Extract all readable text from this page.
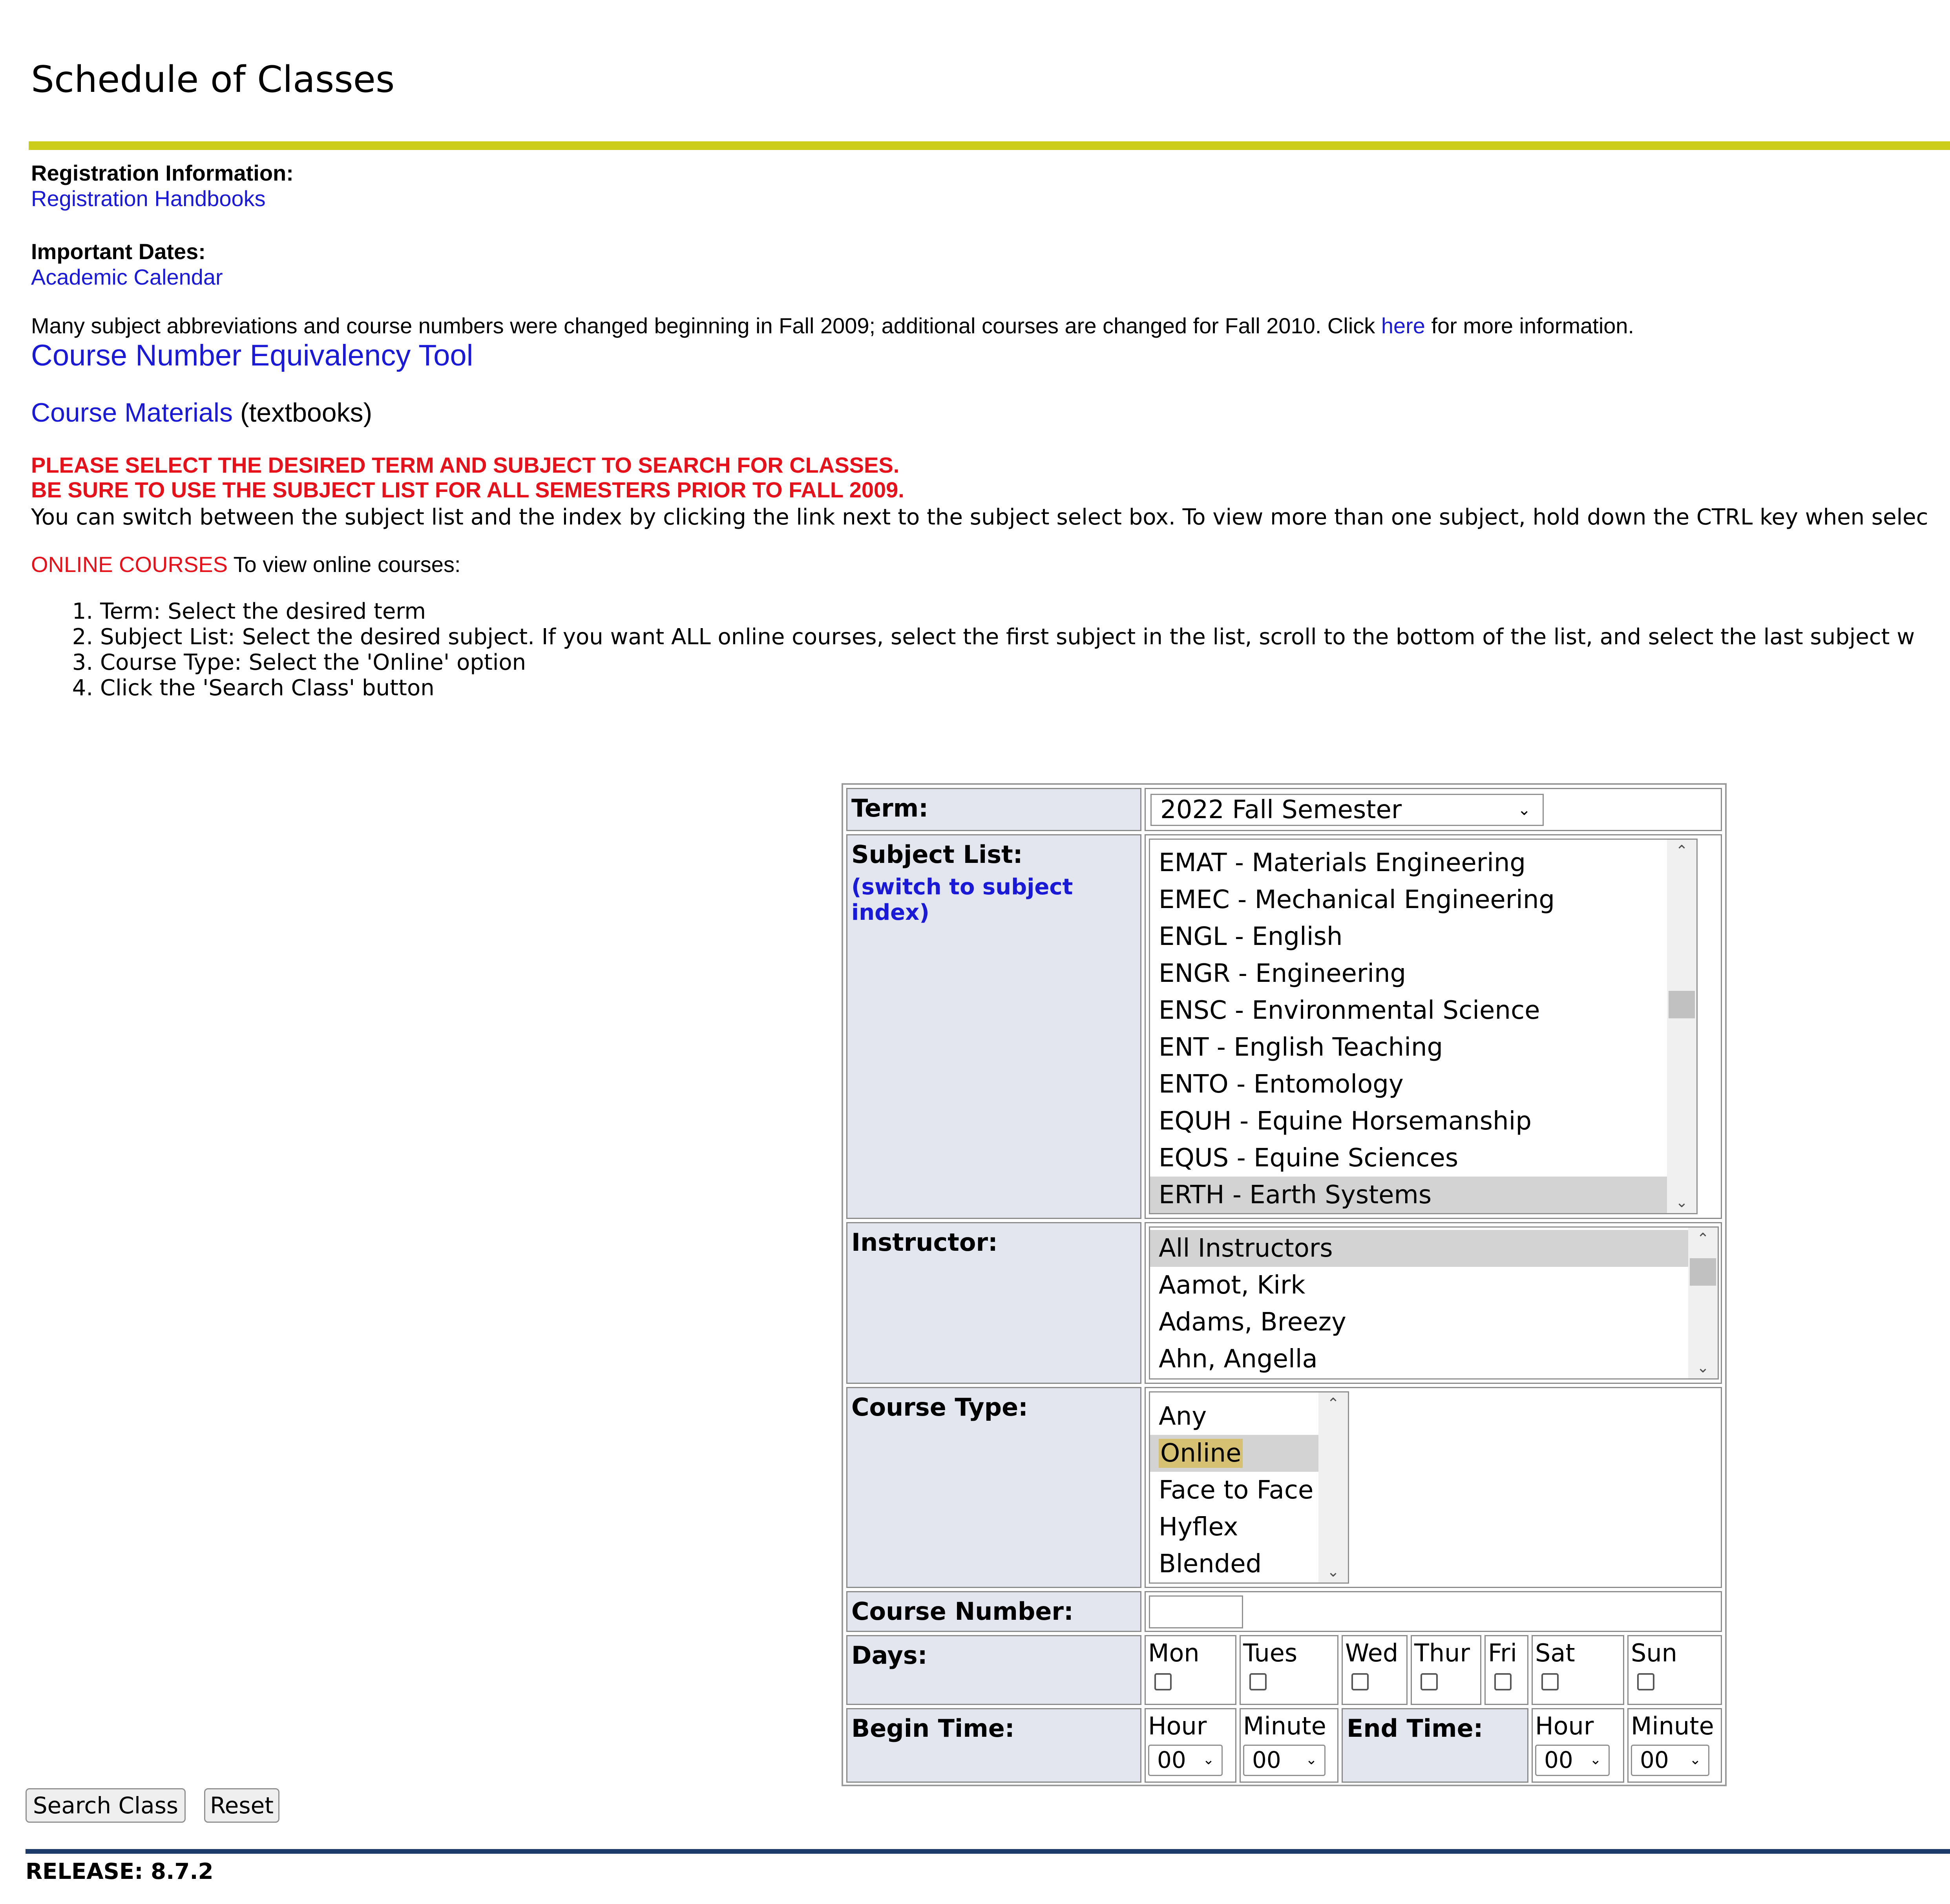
Schedule of Classes
Registration Information:
Registration Handbooks
Important Dates:
Academic Calendar
Many subject abbreviations and course numbers were changed beginning in Fall 2009; additional courses are changed for Fall 2010. Click here for more information.
Course Number Equivalency Tool
Course Materials (textbooks)
PLEASE SELECT THE DESIRED TERM AND SUBJECT TO SEARCH FOR CLASSES.
BE SURE TO USE THE SUBJECT LIST FOR ALL SEMESTERS PRIOR TO FALL 2009.
You can switch between the subject list and the index by clicking the link next to the subject select box. To view more than one subject, hold down the CTRL key when selec
ONLINE COURSES To view online courses:
1. Term: Select the desired term
2. Subject List: Select the desired subject. If you want ALL online courses, select the first subject in the list, scroll to the bottom of the list, and select the last subject w
3. Course Type: Select the 'Online' option
4. Click the 'Search Class' button
Term:	2022 Fall Semester	⌄
Subject List:
(switch to subject index)
EMAT - Materials Engineering
EMEC - Mechanical Engineering
ENGL - English
ENGR - Engineering
ENSC - Environmental Science
ENT - English Teaching
ENTO - Entomology
EQUH - Equine Horsemanship
EQUS - Equine Sciences
ERTH - Earth Systems
⌃
⌄
Instructor:	All Instructors
Aamot, Kirk
Adams, Breezy
Ahn, Angella
⌃
⌄
Course Type:	Any
Online
Face to Face
Hyflex
Blended
⌃
⌄
Course Number:
Days:	Mon	Tues	Wed Thur Fri Sat	Sun
Begin Time:	Hour
00 ⌄
Minute
00 ⌄
End Time:	Hour
00 ⌄
Minute
00 ⌄
Search Class	Reset
RELEASE: 8.7.2
